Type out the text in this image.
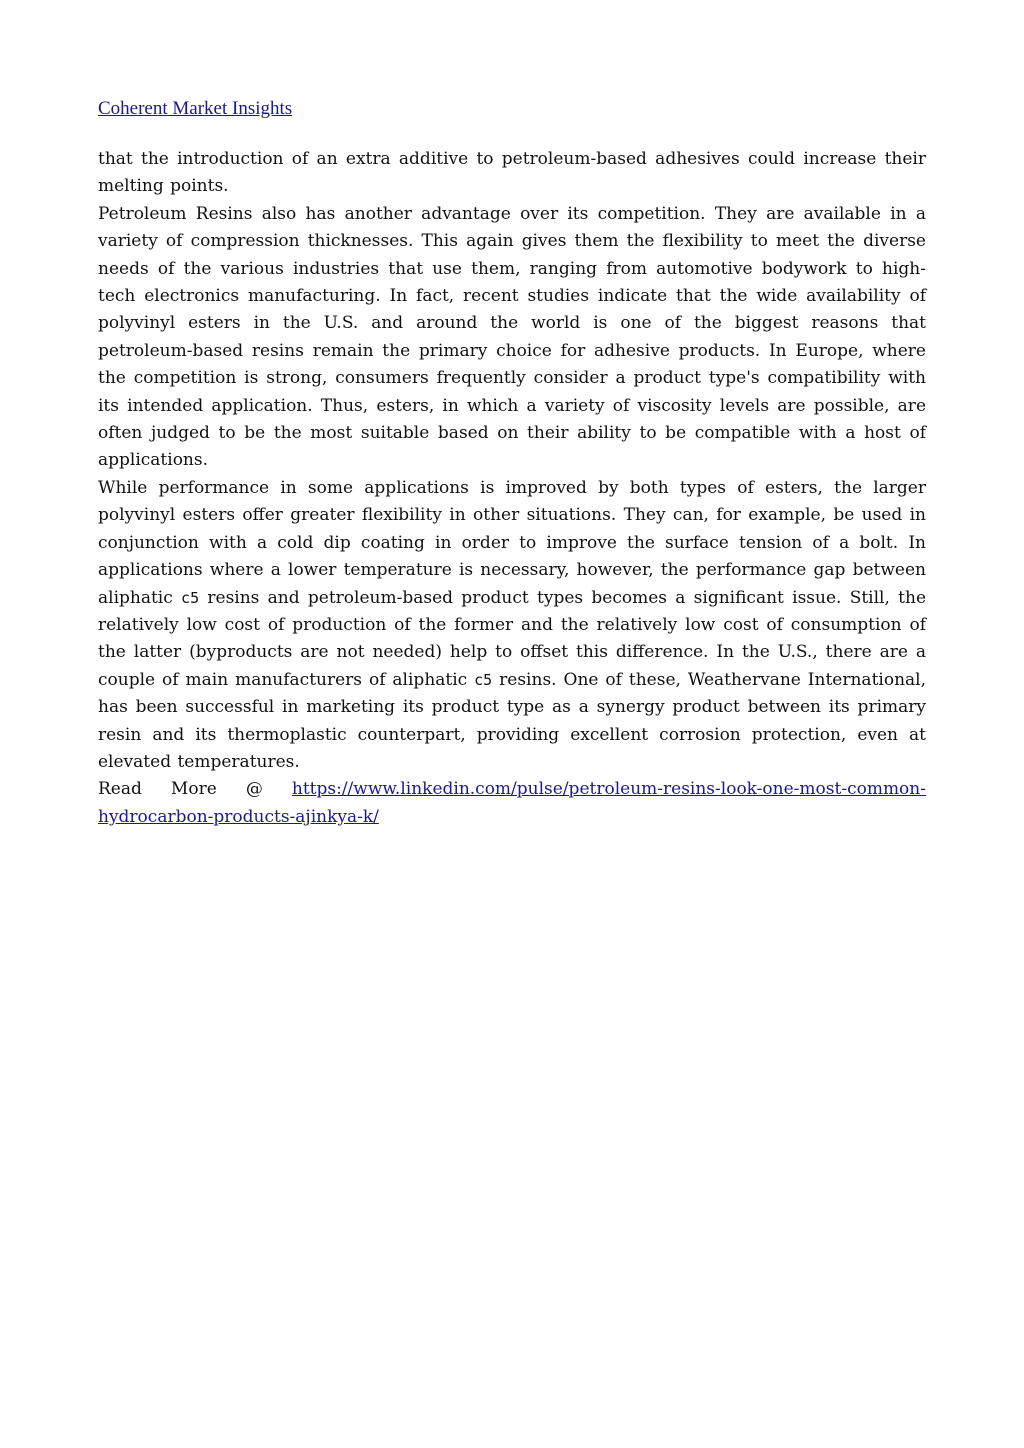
Coherent Market Insights

that the introduction of an extra additive to petroleum-based adhesives could increase their melting points.

Petroleum Resins also has another advantage over its competition. They are available in a variety of compression thicknesses. This again gives them the flexibility to meet the diverse needs of the various industries that use them, ranging from automotive bodywork to high-tech electronics manufacturing. In fact, recent studies indicate that the wide availability of polyvinyl esters in the U.S. and around the world is one of the biggest reasons that petroleum-based resins remain the primary choice for adhesive products. In Europe, where the competition is strong, consumers frequently consider a product type's compatibility with its intended application. Thus, esters, in which a variety of viscosity levels are possible, are often judged to be the most suitable based on their ability to be compatible with a host of applications.

While performance in some applications is improved by both types of esters, the larger polyvinyl esters offer greater flexibility in other situations. They can, for example, be used in conjunction with a cold dip coating in order to improve the surface tension of a bolt. In applications where a lower temperature is necessary, however, the performance gap between aliphatic c5 resins and petroleum-based product types becomes a significant issue. Still, the relatively low cost of production of the former and the relatively low cost of consumption of the latter (byproducts are not needed) help to offset this difference. In the U.S., there are a couple of main manufacturers of aliphatic c5 resins. One of these, Weathervane International, has been successful in marketing its product type as a synergy product between its primary resin and its thermoplastic counterpart, providing excellent corrosion protection, even at elevated temperatures.

Read More @ https://www.linkedin.com/pulse/petroleum-resins-look-one-most-common-hydrocarbon-products-ajinkya-k/
